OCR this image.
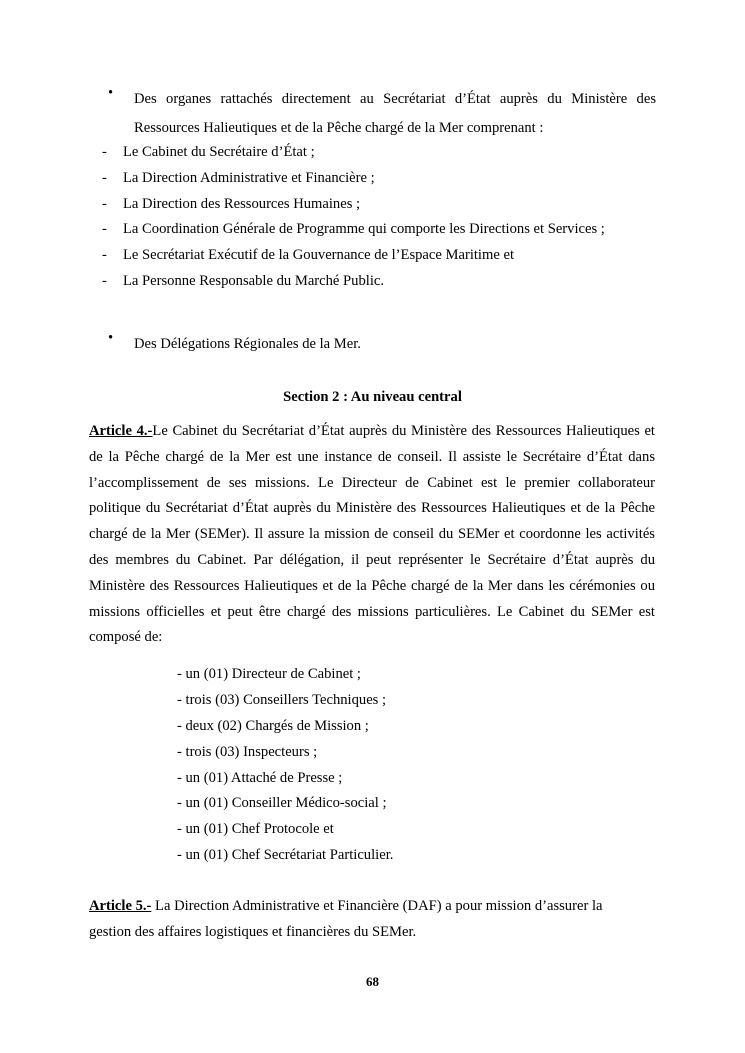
•	Des organes rattachés directement au Secrétariat d’État auprès du Ministère des Ressources Halieutiques et de la Pêche chargé de la Mer comprenant :
- Le Cabinet du Secrétaire d’État ;
- La Direction Administrative et Financière ;
- La Direction des Ressources Humaines ;
- La Coordination Générale de Programme qui comporte les Directions et Services ;
- Le Secrétariat Exécutif de la Gouvernance de l’Espace Maritime et
- La Personne Responsable du Marché Public.
•	Des Délégations Régionales de la Mer.
Section 2 : Au niveau central

Article 4.-Le Cabinet du Secrétariat d’État auprès du Ministère des Ressources Halieutiques et de la Pêche chargé de la Mer est une instance de conseil. Il assiste le Secrétaire d’État dans l’accomplissement de ses missions. Le Directeur de Cabinet est le premier collaborateur politique du Secrétariat d’État auprès du Ministère des Ressources Halieutiques et de la Pêche chargé de la Mer (SEMer). Il assure la mission de conseil du SEMer et coordonne les activités des membres du Cabinet. Par délégation, il peut représenter le Secrétaire d’État auprès du Ministère des Ressources Halieutiques et de la Pêche chargé de la Mer dans les cérémonies ou missions officielles et peut être chargé des missions particulières. Le Cabinet du SEMer est composé de:

- un (01) Directeur de Cabinet ;
- trois (03) Conseillers Techniques ;
- deux (02) Chargés de Mission ;
- trois (03) Inspecteurs ;
- un (01) Attaché de Presse ;
- un (01) Conseiller Médico-social ;
- un (01) Chef Protocole et
- un (01) Chef Secrétariat Particulier.

Article 5.- La Direction Administrative et Financière (DAF) a pour mission d’assurer la gestion des affaires logistiques et financières du SEMer.

68
